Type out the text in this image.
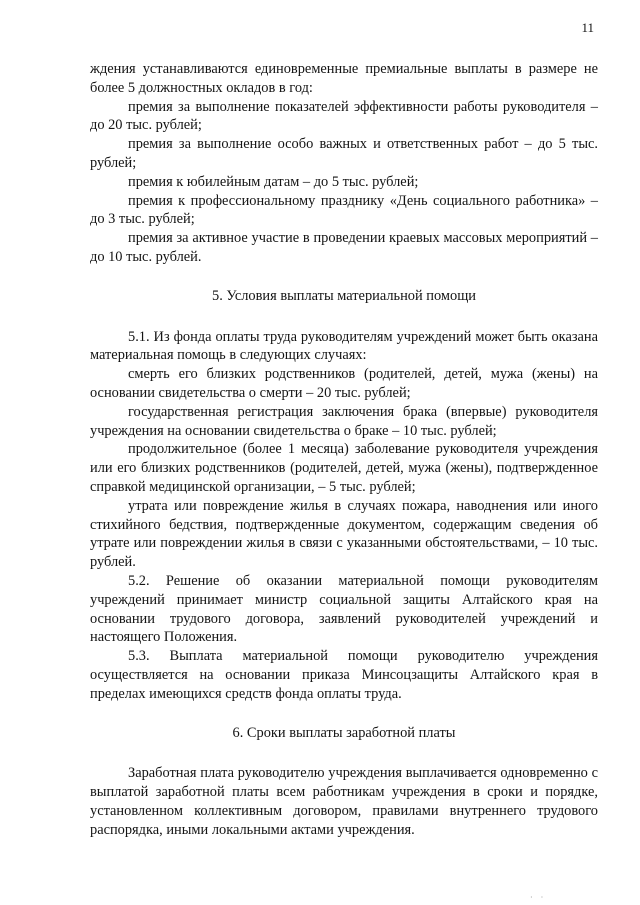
11

ждения устанавливаются единовременные премиальные выплаты в размере не более 5 должностных окладов в год:

премия за выполнение показателей эффективности работы руководителя – до 20 тыс. рублей;

премия за выполнение особо важных и ответственных работ – до 5 тыс. рублей;

премия к юбилейным датам – до 5 тыс. рублей;

премия к профессиональному празднику «День социального работника» – до 3 тыс. рублей;

премия за активное участие в проведении краевых массовых мероприятий – до 10 тыс. рублей.

5. Условия выплаты материальной помощи

5.1. Из фонда оплаты труда руководителям учреждений может быть оказана материальная помощь в следующих случаях:

смерть его близких родственников (родителей, детей, мужа (жены) на основании свидетельства о смерти – 20 тыс. рублей;

государственная регистрация заключения брака (впервые) руководителя учреждения на основании свидетельства о браке – 10 тыс. рублей;

продолжительное (более 1 месяца) заболевание руководителя учреждения или его близких родственников (родителей, детей, мужа (жены), подтвержденное справкой медицинской организации, – 5 тыс. рублей;

утрата или повреждение жилья в случаях пожара, наводнения или иного стихийного бедствия, подтвержденные документом, содержащим сведения об утрате или повреждении жилья в связи с указанными обстоятельствами, – 10 тыс. рублей.

5.2. Решение об оказании материальной помощи руководителям учреждений принимает министр социальной защиты Алтайского края на основании трудового договора, заявлений руководителей учреждений и настоящего Положения.

5.3. Выплата материальной помощи руководителю учреждения осуществляется на основании приказа Минсоцзащиты Алтайского края в пределах имеющихся средств фонда оплаты труда.

6. Сроки выплаты заработной платы

Заработная плата руководителю учреждения выплачивается одновременно с выплатой заработной платы всем работникам учреждения в сроки и порядке, установленном коллективным договором, правилами внутреннего трудового распорядка, иными локальными актами учреждения.

· ·
